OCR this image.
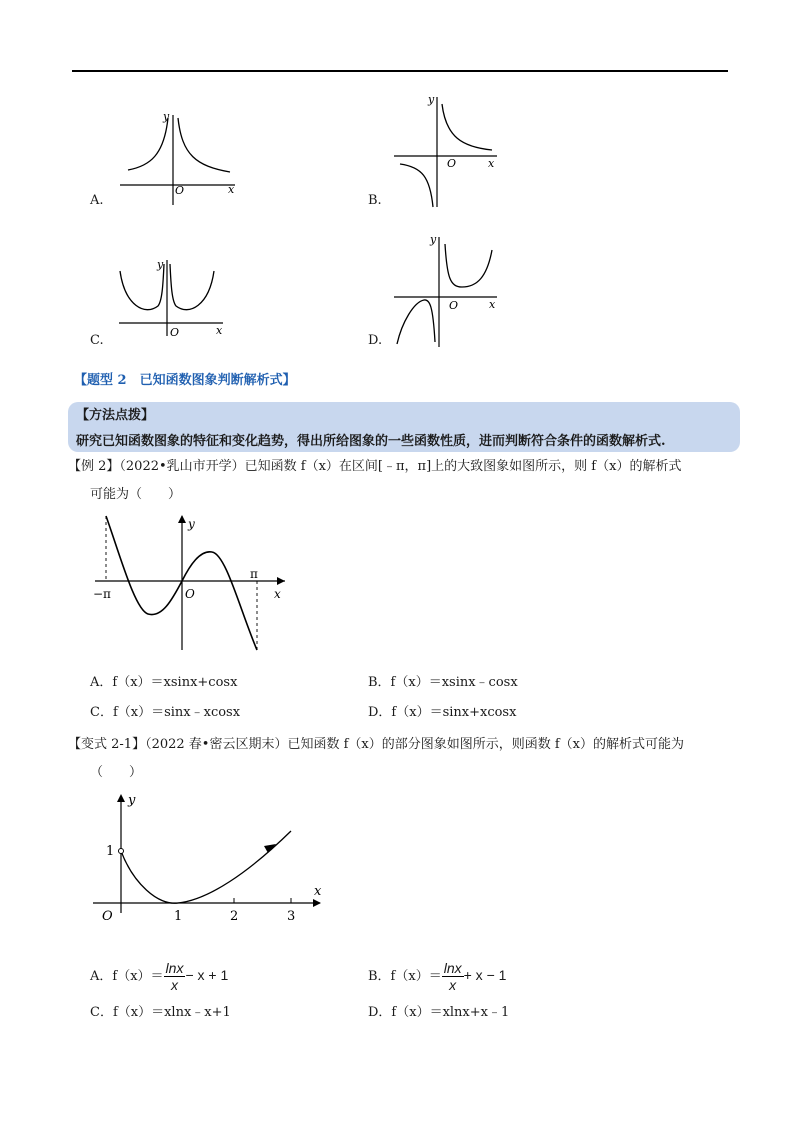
y
x
O
A.
y
x
O
B.
y
x
O
C.
y
x
O
D.
【题型 2　已知函数图象判断解析式】
【方法点拨】
研究已知函数图象的特征和变化趋势，得出所给图象的一些函数性质，进而判断符合条件的函数解析式.
【例 2】（2022•乳山市开学）已知函数 f（x）在区间[﹣π，π]上的大致图象如图所示，则 f（x）的解析式
可能为（　　）
y
x
O
π
−π
A．f（x）＝xsinx+cosx	B．f（x）＝xsinx﹣cosx
C．f（x）＝sinx﹣xcosx	D．f（x）＝sinx+xcosx
【变式 2-1】（2022 春•密云区期末）已知函数 f（x）的部分图象如图所示，则函数 f（x）的解析式可能为
（　　）
y
x
O
1
1	2	3
A．$f(x)= \frac{\ln x}{x} - x + 1$	B．$f(x)= \frac{\ln x}{x} + x - 1$
C．f（x）＝xlnx﹣x+1	D．f（x）＝xlnx+x﹣1
